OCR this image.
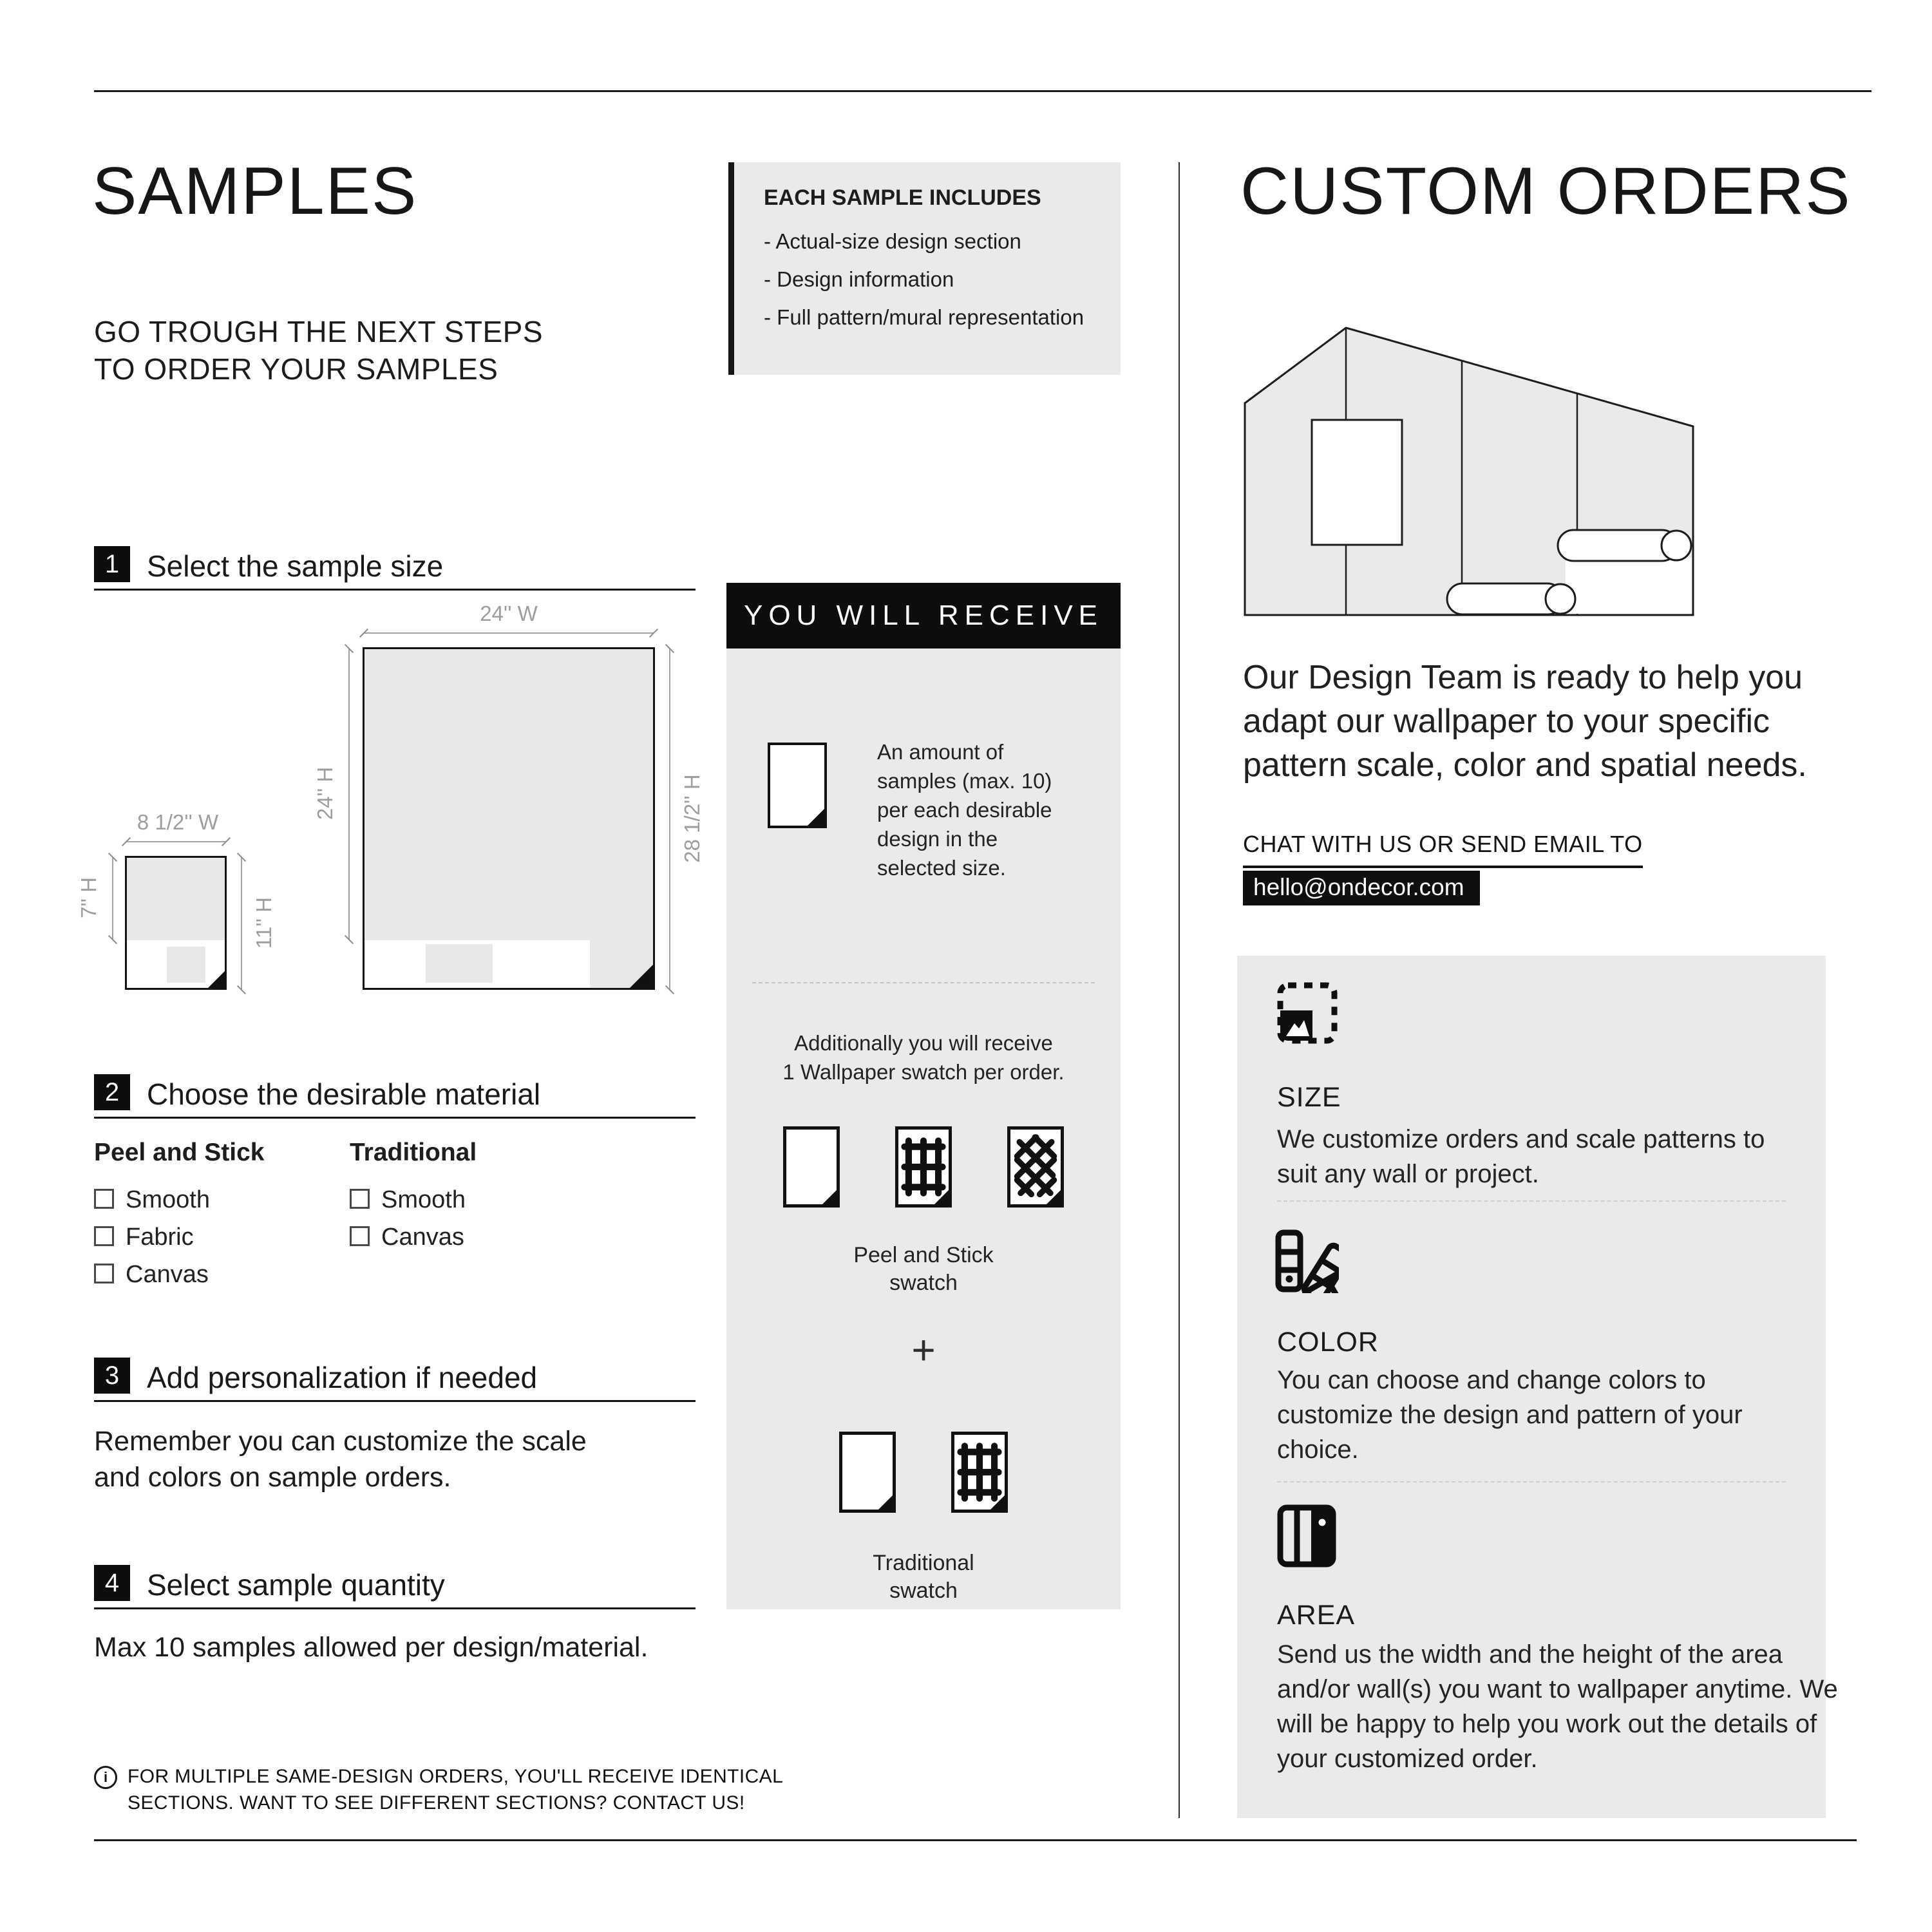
SAMPLES
GO TROUGH THE NEXT STEPS
TO ORDER YOUR SAMPLES
EACH SAMPLE INCLUDES
- Actual-size design section
- Design information
- Full pattern/mural representation
1 Select the sample size
8 1/2'' W
7'' H	11'' H
24'' W
24'' H	28 1/2'' H
2 Choose the desirable material
Peel and Stick
Smooth
Fabric
Canvas
Traditional
Smooth
Canvas
3 Add personalization if needed
Remember you can customize the scale
and colors on sample orders.
4 Select sample quantity
Max 10 samples allowed per design/material.
i	FOR MULTIPLE SAME-DESIGN ORDERS, YOU'LL RECEIVE IDENTICAL
SECTIONS. WANT TO SEE DIFFERENT SECTIONS? CONTACT US!
YOU WILL RECEIVE
An amount of samples (max. 10) per each desirable design in the selected size.
Additionally you will receive
1 Wallpaper swatch per order.
Peel and Stick
swatch
+
Traditional
swatch
CUSTOM ORDERS
Our Design Team is ready to help you
adapt our wallpaper to your specific
pattern scale, color and spatial needs.
CHAT WITH US OR SEND EMAIL TO
hello@ondecor.com
SIZE
We customize orders and scale patterns to suit any wall or project.
COLOR
You can choose and change colors to customize the design and pattern of your choice.
AREA
Send us the width and the height of the area and/or wall(s) you want to wallpaper anytime. We will be happy to help you work out the details of your customized order.
